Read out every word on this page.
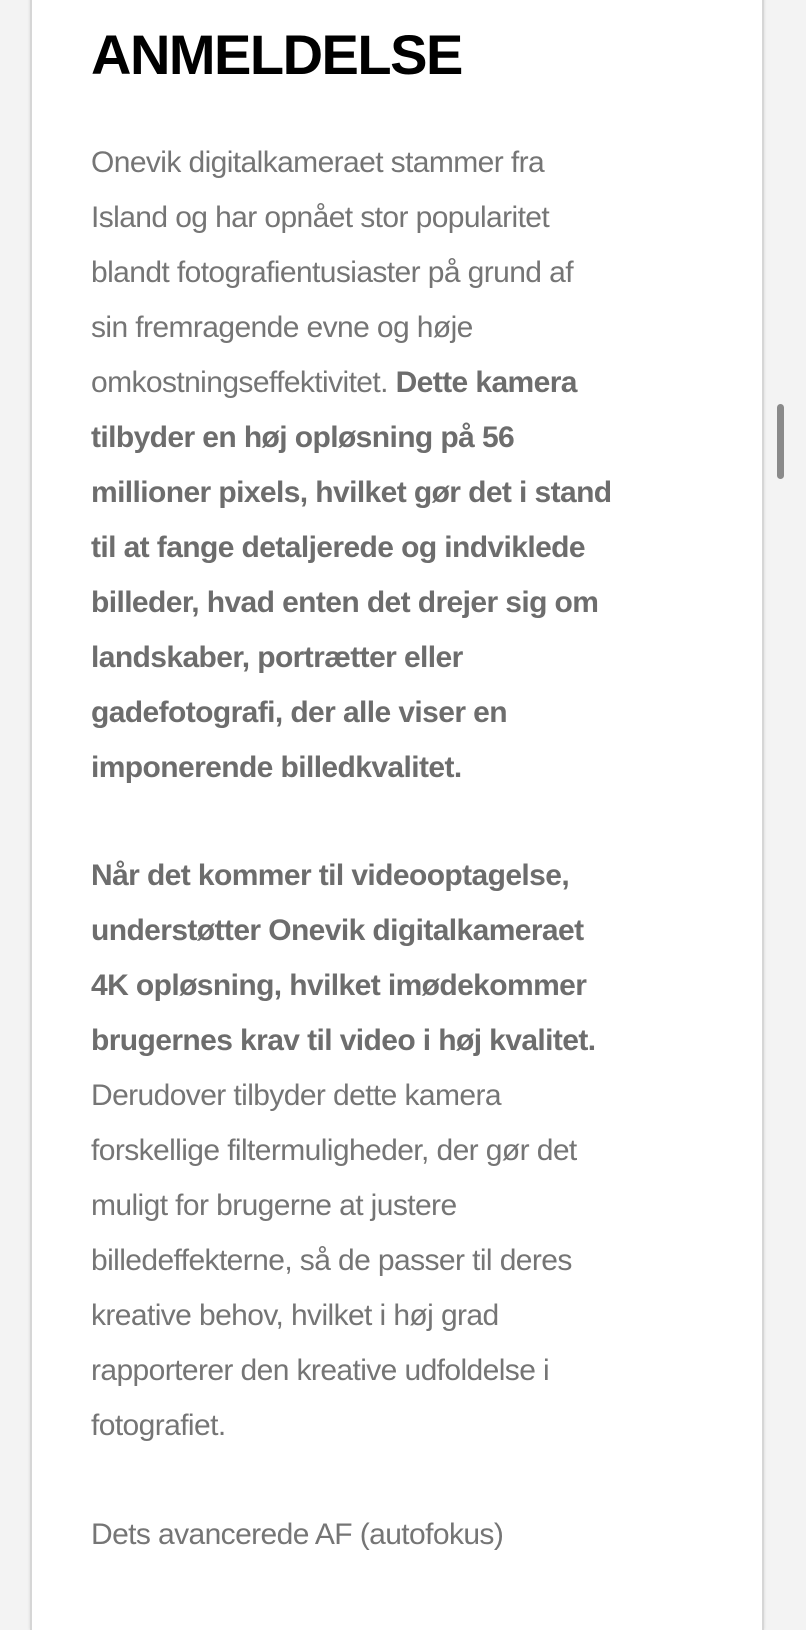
ANMELDELSE

Onevik digitalkameraet stammer fra
Island og har opnået stor popularitet
blandt fotografientusiaster på grund af
sin fremragende evne og høje
omkostningseffektivitet. Dette kamera
tilbyder en høj opløsning på 56
millioner pixels, hvilket gør det i stand
til at fange detaljerede og indviklede
billeder, hvad enten det drejer sig om
landskaber, portrætter eller
gadefotografi, der alle viser en
imponerende billedkvalitet.

Når det kommer til videooptagelse,
understøtter Onevik digitalkameraet
4K opløsning, hvilket imødekommer
brugernes krav til video i høj kvalitet.
Derudover tilbyder dette kamera
forskellige filtermuligheder, der gør det
muligt for brugerne at justere
billedeffekterne, så de passer til deres
kreative behov, hvilket i høj grad
rapporterer den kreative udfoldelse i
fotografiet.

Dets avancerede AF (autofokus)
